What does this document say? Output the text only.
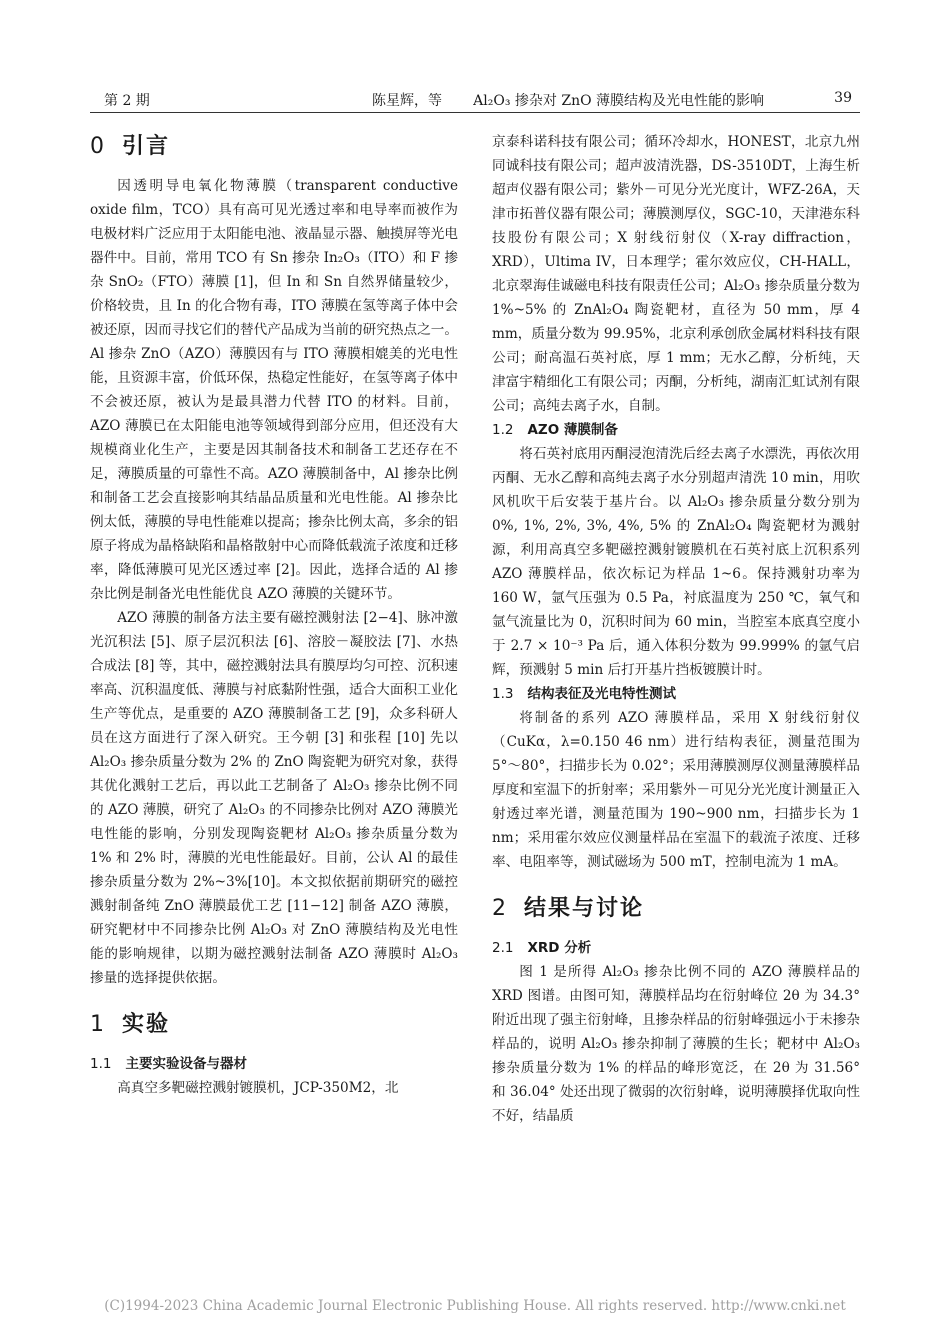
第 2 期	陈星辉，等 Al₂O₃ 掺杂对 ZnO 薄膜结构及光电性能的影响	39
0 引言

因透明导电氧化物薄膜（transparent conductive oxide film，TCO）具有高可见光透过率和电导率而被作为电极材料广泛应用于太阳能电池、液晶显示器、触摸屏等光电器件中。目前，常用 TCO 有 Sn 掺杂 In₂O₃（ITO）和 F 掺杂 SnO₂（FTO）薄膜 [1]，但 In 和 Sn 自然界储量较少，价格较贵，且 In 的化合物有毒，ITO 薄膜在氢等离子体中会被还原，因而寻找它们的替代产品成为当前的研究热点之一。Al 掺杂 ZnO（AZO）薄膜因有与 ITO 薄膜相媲美的光电性能，且资源丰富，价低环保，热稳定性能好，在氢等离子体中不会被还原，被认为是最具潜力代替 ITO 的材料。目前，AZO 薄膜已在太阳能电池等领域得到部分应用，但还没有大规模商业化生产，主要是因其制备技术和制备工艺还存在不足，薄膜质量的可靠性不高。AZO 薄膜制备中，Al 掺杂比例和制备工艺会直接影响其结晶品质量和光电性能。Al 掺杂比例太低，薄膜的导电性能难以提高；掺杂比例太高，多余的铝原子将成为晶格缺陷和晶格散射中心而降低载流子浓度和迁移率，降低薄膜可见光区透过率 [2]。因此，选择合适的 Al 掺杂比例是制备光电性能优良 AZO 薄膜的关键环节。

AZO 薄膜的制备方法主要有磁控溅射法 [2−4]、脉冲激光沉积法 [5]、原子层沉积法 [6]、溶胶－凝胶法 [7]、水热合成法 [8] 等，其中，磁控溅射法具有膜厚均匀可控、沉积速率高、沉积温度低、薄膜与衬底黏附性强，适合大面积工业化生产等优点，是重要的 AZO 薄膜制备工艺 [9]，众多科研人员在这方面进行了深入研究。王今朝 [3] 和张程 [10] 先以 Al₂O₃ 掺杂质量分数为 2% 的 ZnO 陶瓷靶为研究对象，获得其优化溅射工艺后，再以此工艺制备了 Al₂O₃ 掺杂比例不同的 AZO 薄膜，研究了 Al₂O₃ 的不同掺杂比例对 AZO 薄膜光电性能的影响，分别发现陶瓷靶材 Al₂O₃ 掺杂质量分数为 1% 和 2% 时，薄膜的光电性能最好。目前，公认 Al 的最佳掺杂质量分数为 2%~3%[10]。本文拟依据前期研究的磁控溅射制备纯 ZnO 薄膜最优工艺 [11−12] 制备 AZO 薄膜，研究靶材中不同掺杂比例 Al₂O₃ 对 ZnO 薄膜结构及光电性能的影响规律，以期为磁控溅射法制备 AZO 薄膜时 Al₂O₃ 掺量的选择提供依据。

1 实验
1.1 主要实验设备与器材

高真空多靶磁控溅射镀膜机，JCP-350M2，北

京泰科诺科技有限公司；循环冷却水，HONEST，北京九州同诚科技有限公司；超声波清洗器，DS-3510DT，上海生析超声仪器有限公司；紫外－可见分光光度计，WFZ-26A，天津市拓普仪器有限公司；薄膜测厚仪，SGC-10，天津港东科技股份有限公司；X 射线衍射仪（X-ray diffraction，XRD），Ultima IV，日本理学；霍尔效应仪，CH-HALL，北京翠海佳诚磁电科技有限责任公司；Al₂O₃ 掺杂质量分数为 1%~5% 的 ZnAl₂O₄ 陶瓷靶材，直径为 50 mm，厚 4 mm，质量分数为 99.95%，北京利承创欣金属材料科技有限公司；耐高温石英衬底，厚 1 mm；无水乙醇，分析纯，天津富宇精细化工有限公司；丙酮，分析纯，湖南汇虹试剂有限公司；高纯去离子水，自制。

1.2 AZO 薄膜制备

将石英衬底用丙酮浸泡清洗后经去离子水漂洗，再依次用丙酮、无水乙醇和高纯去离子水分别超声清洗 10 min，用吹风机吹干后安装于基片台。以 Al₂O₃ 掺杂质量分数分别为 0%, 1%, 2%, 3%, 4%, 5% 的 ZnAl₂O₄ 陶瓷靶材为溅射源，利用高真空多靶磁控溅射镀膜机在石英衬底上沉积系列 AZO 薄膜样品，依次标记为样品 1~6。保持溅射功率为 160 W，氩气压强为 0.5 Pa，衬底温度为 250 ℃，氧气和氩气流量比为 0，沉积时间为 60 min，当腔室本底真空度小于 2.7 × 10⁻³ Pa 后，通入体积分数为 99.999% 的氩气启辉，预溅射 5 min 后打开基片挡板镀膜计时。

1.3 结构表征及光电特性测试

将制备的系列 AZO 薄膜样品，采用 X 射线衍射仪（CuKα，λ=0.150 46 nm）进行结构表征，测量范围为 5°～80°，扫描步长为 0.02°；采用薄膜测厚仪测量薄膜样品厚度和室温下的折射率；采用紫外－可见分光光度计测量正入射透过率光谱，测量范围为 190~900 nm，扫描步长为 1 nm；采用霍尔效应仪测量样品在室温下的载流子浓度、迁移率、电阻率等，测试磁场为 500 mT，控制电流为 1 mA。

2 结果与讨论
2.1 XRD 分析

图 1 是所得 Al₂O₃ 掺杂比例不同的 AZO 薄膜样品的 XRD 图谱。由图可知，薄膜样品均在衍射峰位 2θ 为 34.3° 附近出现了强主衍射峰，且掺杂样品的衍射峰强远小于未掺杂样品的，说明 Al₂O₃ 掺杂抑制了薄膜的生长；靶材中 Al₂O₃ 掺杂质量分数为 1% 的样品的峰形宽泛，在 2θ 为 31.56° 和 36.04° 处还出现了微弱的次衍射峰，说明薄膜择优取向性不好，结晶质

(C)1994-2023 China Academic Journal Electronic Publishing House. All rights reserved. http://www.cnki.net
